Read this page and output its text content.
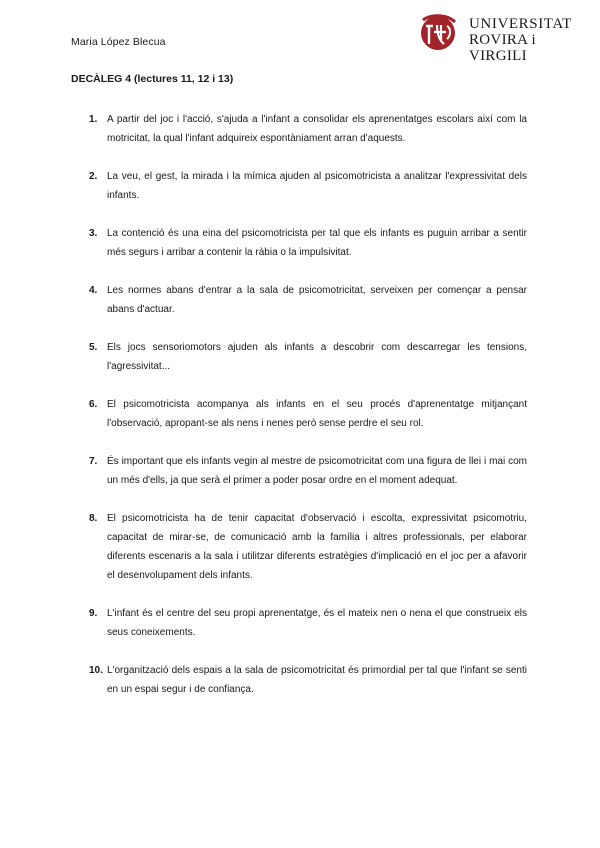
Maria López Blecua
UNIVERSITAT
ROVIRA i VIRGILI
DECÀLEG 4 (lectures 11, 12 i 13)
1. A partir del joc i l'acció, s'ajuda a l'infant a consolidar els aprenentatges escolars així com la motricitat, la qual l'infant adquireix espontàniament arran d'aquests.
2. La veu, el gest, la mirada i la mímica ajuden al psicomotricista a analitzar l'expressivitat dels infants.
3. La contenció és una eina del psicomotricista per tal que els infants es puguin arribar a sentir més segurs i arribar a contenir la ràbia o la impulsivitat.
4. Les normes abans d'entrar a la sala de psicomotricitat, serveixen per començar a pensar abans d'actuar.
5. Els jocs sensoriomotors ajuden als infants a descobrir com descarregar les tensions, l'agressivitat...
6. El psicomotricista acompanya als infants en el seu procés d'aprenentatge mitjançant l'observació, apropant-se als nens i nenes però sense perdre el seu rol.
7. És important que els infants vegin al mestre de psicomotricitat com una figura de llei i mai com un més d'ells, ja que serà el primer a poder posar ordre en el moment adequat.
8. El psicomotricista ha de tenir capacitat d'observació i escolta, expressivitat psicomotriu, capacitat de mirar-se, de comunicació amb la família i altres professionals, per elaborar diferents escenaris a la sala i utilitzar diferents estratègies d'implicació en el joc per a afavorir el desenvolupament dels infants.
9. L'infant és el centre del seu propi aprenentatge, és el mateix nen o nena el que construeix els seus coneixements.
10. L'organització dels espais a la sala de psicomotricitat és primordial per tal que l'infant se senti en un espai segur i de confiança.
